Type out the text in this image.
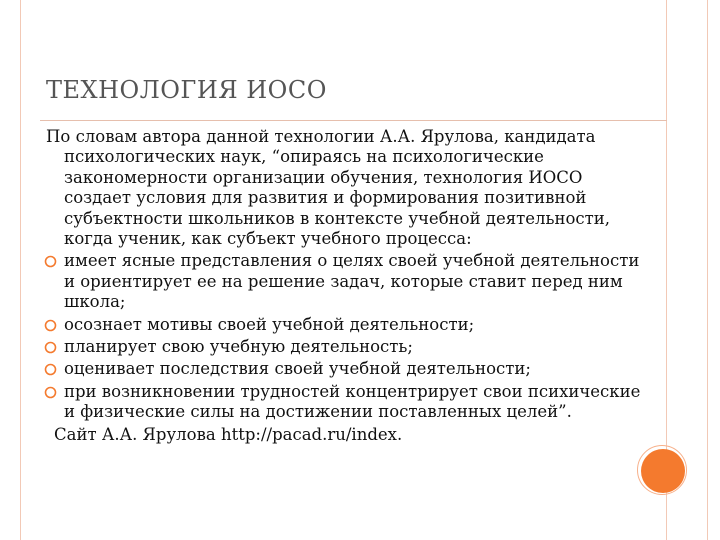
ТЕХНОЛОГИЯ ИОСО

По словам автора данной технологии А.А. Ярулова, кандидата психологических наук, “опираясь на психологические закономерности организации обучения, технология ИОСО создает условия для развития и формирования позитивной субъектности школьников в контексте учебной деятельности, когда ученик, как субъект учебного процесса:

имеет ясные представления о целях своей учебной деятельности и ориентирует ее на решение задач, которые ставит перед ним школа;
осознает мотивы своей учебной деятельности;
планирует свою учебную деятельность;
оценивает последствия своей учебной деятельности;
при возникновении трудностей концентрирует свои психические и физические силы на достижении поставленных целей”.

Сайт А.А. Ярулова http://pacad.ru/index.
